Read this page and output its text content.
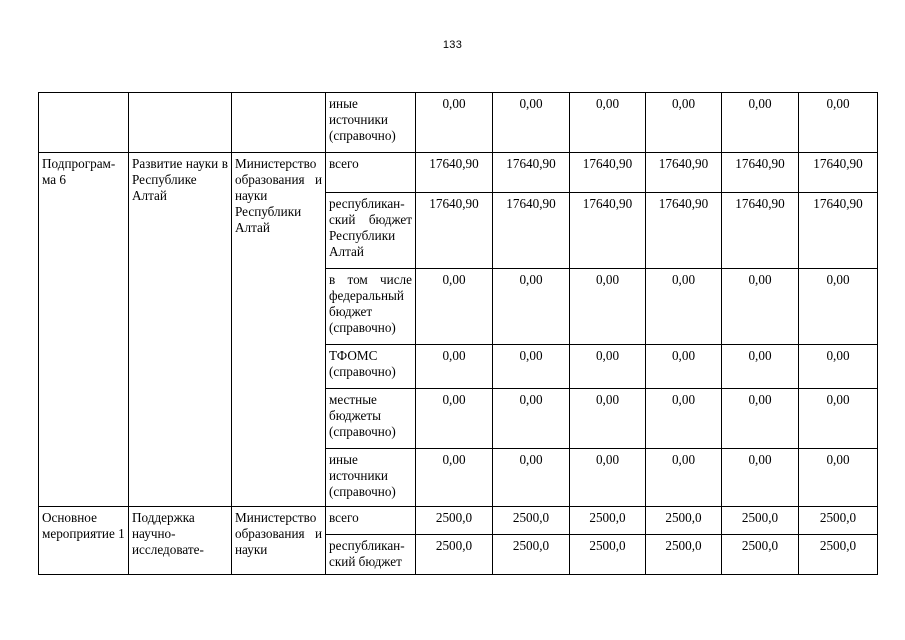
133
			иные источники (справочно)	0,00	0,00	0,00	0,00	0,00	0,00
Подпрограм-ма 6	Развитие науки в Республике Алтай	Министерство образования и науки Республики Алтай	всего	17640,90	17640,90	17640,90	17640,90	17640,90	17640,90
			республикан-ский бюджет Республики Алтай	17640,90	17640,90	17640,90	17640,90	17640,90	17640,90
			в том числе федеральный бюджет (справочно)	0,00	0,00	0,00	0,00	0,00	0,00
			ТФОМС (справочно)	0,00	0,00	0,00	0,00	0,00	0,00
			местные бюджеты (справочно)	0,00	0,00	0,00	0,00	0,00	0,00
			иные источники (справочно)	0,00	0,00	0,00	0,00	0,00	0,00
Основное мероприятие 1	Поддержка научно-исследовате-	Министерство образования и науки	всего	2500,0	2500,0	2500,0	2500,0	2500,0	2500,0
			республикан-ский бюджет	2500,0	2500,0	2500,0	2500,0	2500,0	2500,0
